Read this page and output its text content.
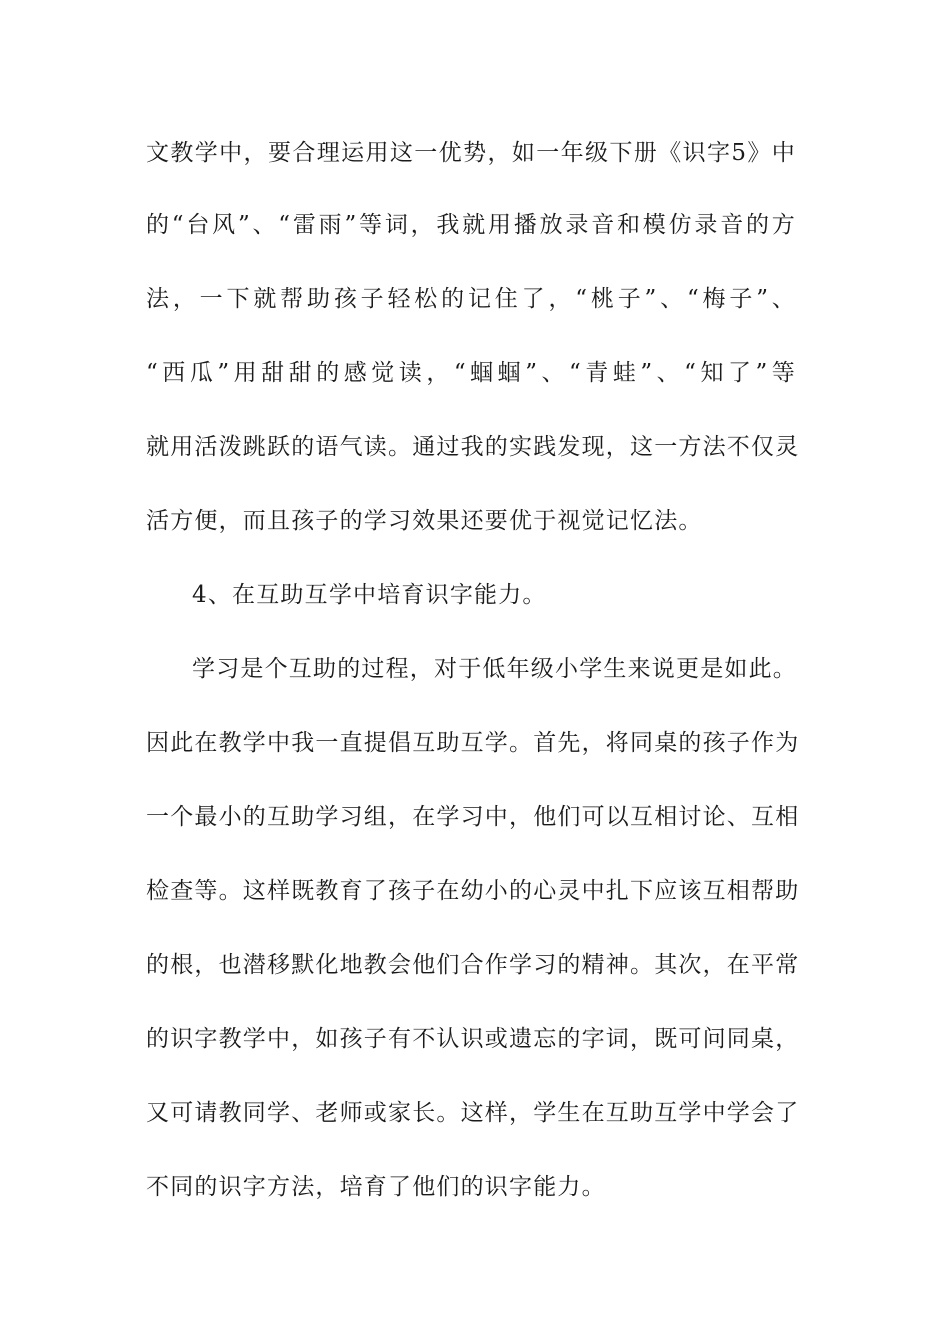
文教学中，要合理运用这一优势，如一年级下册《识字5》中
的“台风”、“雷雨”等词，我就用播放录音和模仿录音的方
法，一下就帮助孩子轻松的记住了，“桃子”、“梅子”、
“西瓜”用甜甜的感觉读，“蝈蝈”、“青蛙”、“知了”等
就用活泼跳跃的语气读。通过我的实践发现，这一方法不仅灵
活方便，而且孩子的学习效果还要优于视觉记忆法。
4、在互助互学中培育识字能力。
学习是个互助的过程，对于低年级小学生来说更是如此。
因此在教学中我一直提倡互助互学。首先，将同桌的孩子作为
一个最小的互助学习组，在学习中，他们可以互相讨论、互相
检查等。这样既教育了孩子在幼小的心灵中扎下应该互相帮助
的根，也潜移默化地教会他们合作学习的精神。其次，在平常
的识字教学中，如孩子有不认识或遗忘的字词，既可问同桌，
又可请教同学、老师或家长。这样，学生在互助互学中学会了
不同的识字方法，培育了他们的识字能力。
